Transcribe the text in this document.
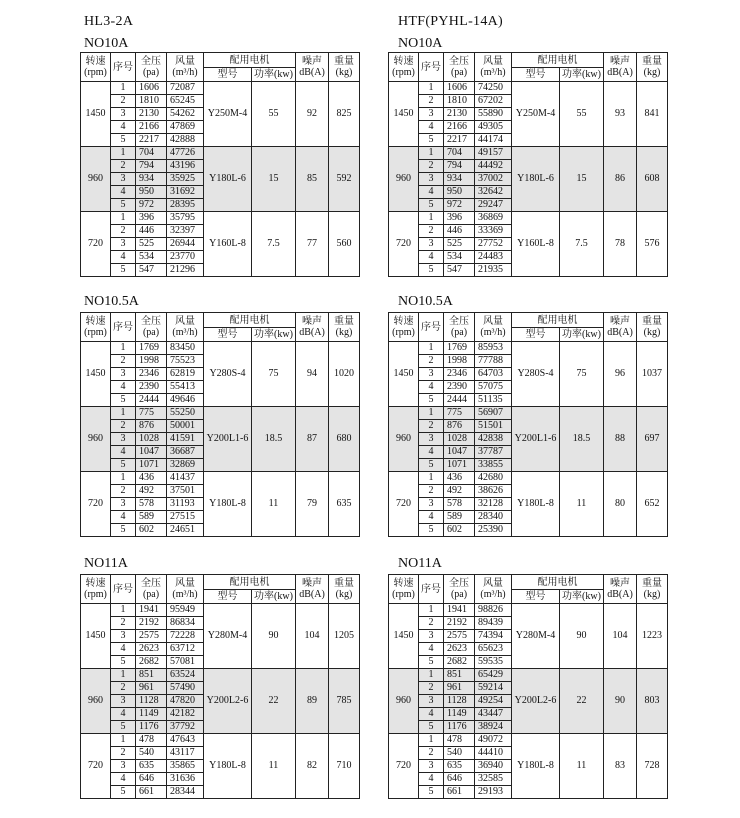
HL3-2A	HTF(PYHL-14A)
NO10A
转速
(rpm)	序号	全压
(pa)	风量
(m³/h)	配用电机		噪声
dB(A)	重量
(kg)

				型号	功率(kw)		
1450	1	1606	72087	Y250M-4	55	92	825
	2	1810	65245				
	3	2130	54262				
	4	2166	47869				
	5	2217	42888				
960	1	704	47726	Y180L-6	15	85	592
	2	794	43196				
	3	934	35925				
	4	950	31692				
	5	972	28395				
720	1	396	35795	Y160L-8	7.5	77	560
	2	446	32397				
	3	525	26944				
	4	534	23770				
	5	547	21296				
NO10A
转速
(rpm)	序号	全压
(pa)	风量
(m³/h)	配用电机		噪声
dB(A)	重量
(kg)

				型号	功率(kw)		
1450	1	1606	74250	Y250M-4	55	93	841
	2	1810	67202				
	3	2130	55890				
	4	2166	49305				
	5	2217	44174				
960	1	704	49157	Y180L-6	15	86	608
	2	794	44492				
	3	934	37002				
	4	950	32642				
	5	972	29247				
720	1	396	36869	Y160L-8	7.5	78	576
	2	446	33369				
	3	525	27752				
	4	534	24483				
	5	547	21935				
NO10.5A
转速
(rpm)	序号	全压
(pa)	风量
(m³/h)	配用电机		噪声
dB(A)	重量
(kg)

				型号	功率(kw)		
1450	1	1769	83450	Y280S-4	75	94	1020
	2	1998	75523				
	3	2346	62819				
	4	2390	55413				
	5	2444	49646				
960	1	775	55250	Y200L1-6	18.5	87	680
	2	876	50001				
	3	1028	41591				
	4	1047	36687				
	5	1071	32869				
720	1	436	41437	Y180L-8	11	79	635
	2	492	37501				
	3	578	31193				
	4	589	27515				
	5	602	24651				
NO10.5A
转速
(rpm)	序号	全压
(pa)	风量
(m³/h)	配用电机		噪声
dB(A)	重量
(kg)

				型号	功率(kw)		
1450	1	1769	85953	Y280S-4	75	96	1037
	2	1998	77788				
	3	2346	64703				
	4	2390	57075				
	5	2444	51135				
960	1	775	56907	Y200L1-6	18.5	88	697
	2	876	51501				
	3	1028	42838				
	4	1047	37787				
	5	1071	33855				
720	1	436	42680	Y180L-8	11	80	652
	2	492	38626				
	3	578	32128				
	4	589	28340				
	5	602	25390				
NO11A
转速
(rpm)	序号	全压
(pa)	风量
(m³/h)	配用电机		噪声
dB(A)	重量
(kg)

				型号	功率(kw)		
1450	1	1941	95949	Y280M-4	90	104	1205
	2	2192	86834				
	3	2575	72228				
	4	2623	63712				
	5	2682	57081				
960	1	851	63524	Y200L2-6	22	89	785
	2	961	57490				
	3	1128	47820				
	4	1149	42182				
	5	1176	37792				
720	1	478	47643	Y180L-8	11	82	710
	2	540	43117				
	3	635	35865				
	4	646	31636				
	5	661	28344				
NO11A
转速
(rpm)	序号	全压
(pa)	风量
(m³/h)	配用电机		噪声
dB(A)	重量
(kg)

				型号	功率(kw)		
1450	1	1941	98826	Y280M-4	90	104	1223
	2	2192	89439				
	3	2575	74394				
	4	2623	65623				
	5	2682	59535				
960	1	851	65429	Y200L2-6	22	90	803
	2	961	59214				
	3	1128	49254				
	4	1149	43447				
	5	1176	38924				
720	1	478	49072	Y180L-8	11	83	728
	2	540	44410				
	3	635	36940				
	4	646	32585				
	5	661	29193				
